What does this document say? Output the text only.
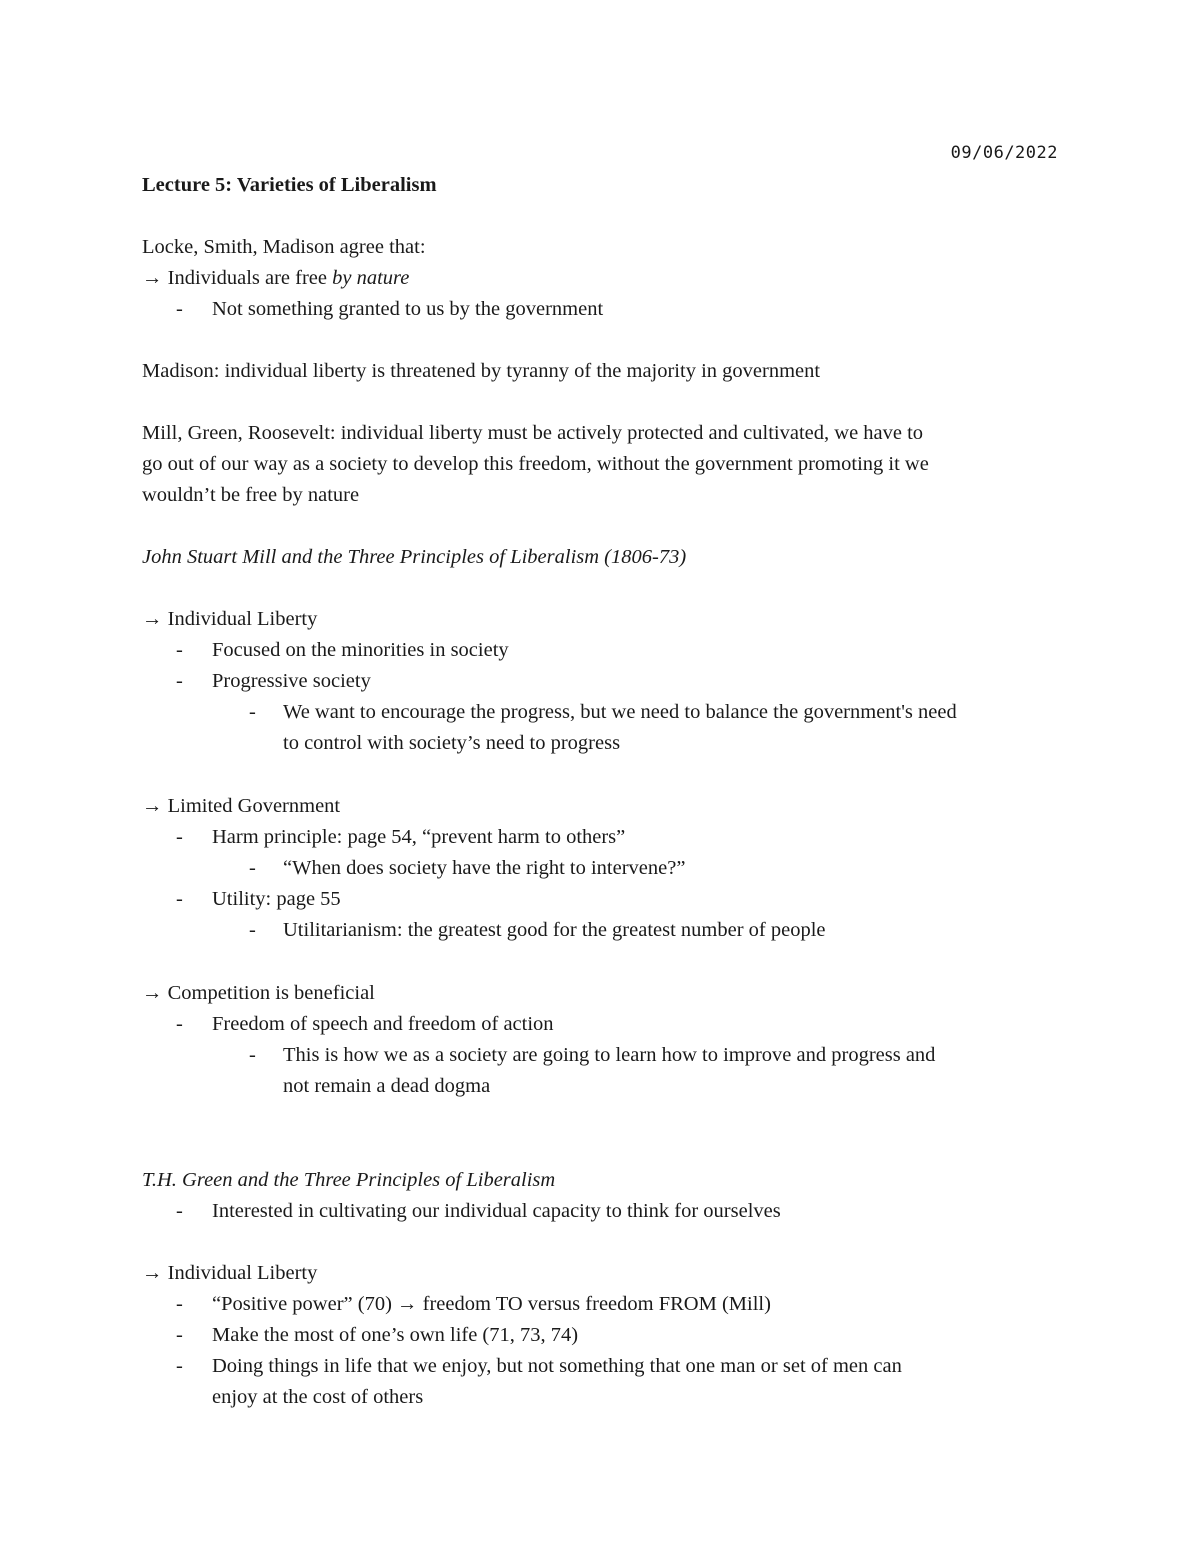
09/06/2022
Lecture 5: Varieties of Liberalism
Locke, Smith, Madison agree that:
→ Individuals are free by nature
- Not something granted to us by the government
Madison: individual liberty is threatened by tyranny of the majority in government
Mill, Green, Roosevelt: individual liberty must be actively protected and cultivated, we have to
go out of our way as a society to develop this freedom, without the government promoting it we
wouldn’t be free by nature
John Stuart Mill and the Three Principles of Liberalism (1806-73)
→ Individual Liberty
- Focused on the minorities in society
- Progressive society
- We want to encourage the progress, but we need to balance the government's need
to control with society’s need to progress
→ Limited Government
- Harm principle: page 54, “prevent harm to others”
- “When does society have the right to intervene?”
- Utility: page 55
- Utilitarianism: the greatest good for the greatest number of people
→ Competition is beneficial
- Freedom of speech and freedom of action
- This is how we as a society are going to learn how to improve and progress and
not remain a dead dogma
T.H. Green and the Three Principles of Liberalism
- Interested in cultivating our individual capacity to think for ourselves
→ Individual Liberty
- “Positive power” (70) → freedom TO versus freedom FROM (Mill)
- Make the most of one’s own life (71, 73, 74)
- Doing things in life that we enjoy, but not something that one man or set of men can
enjoy at the cost of others
